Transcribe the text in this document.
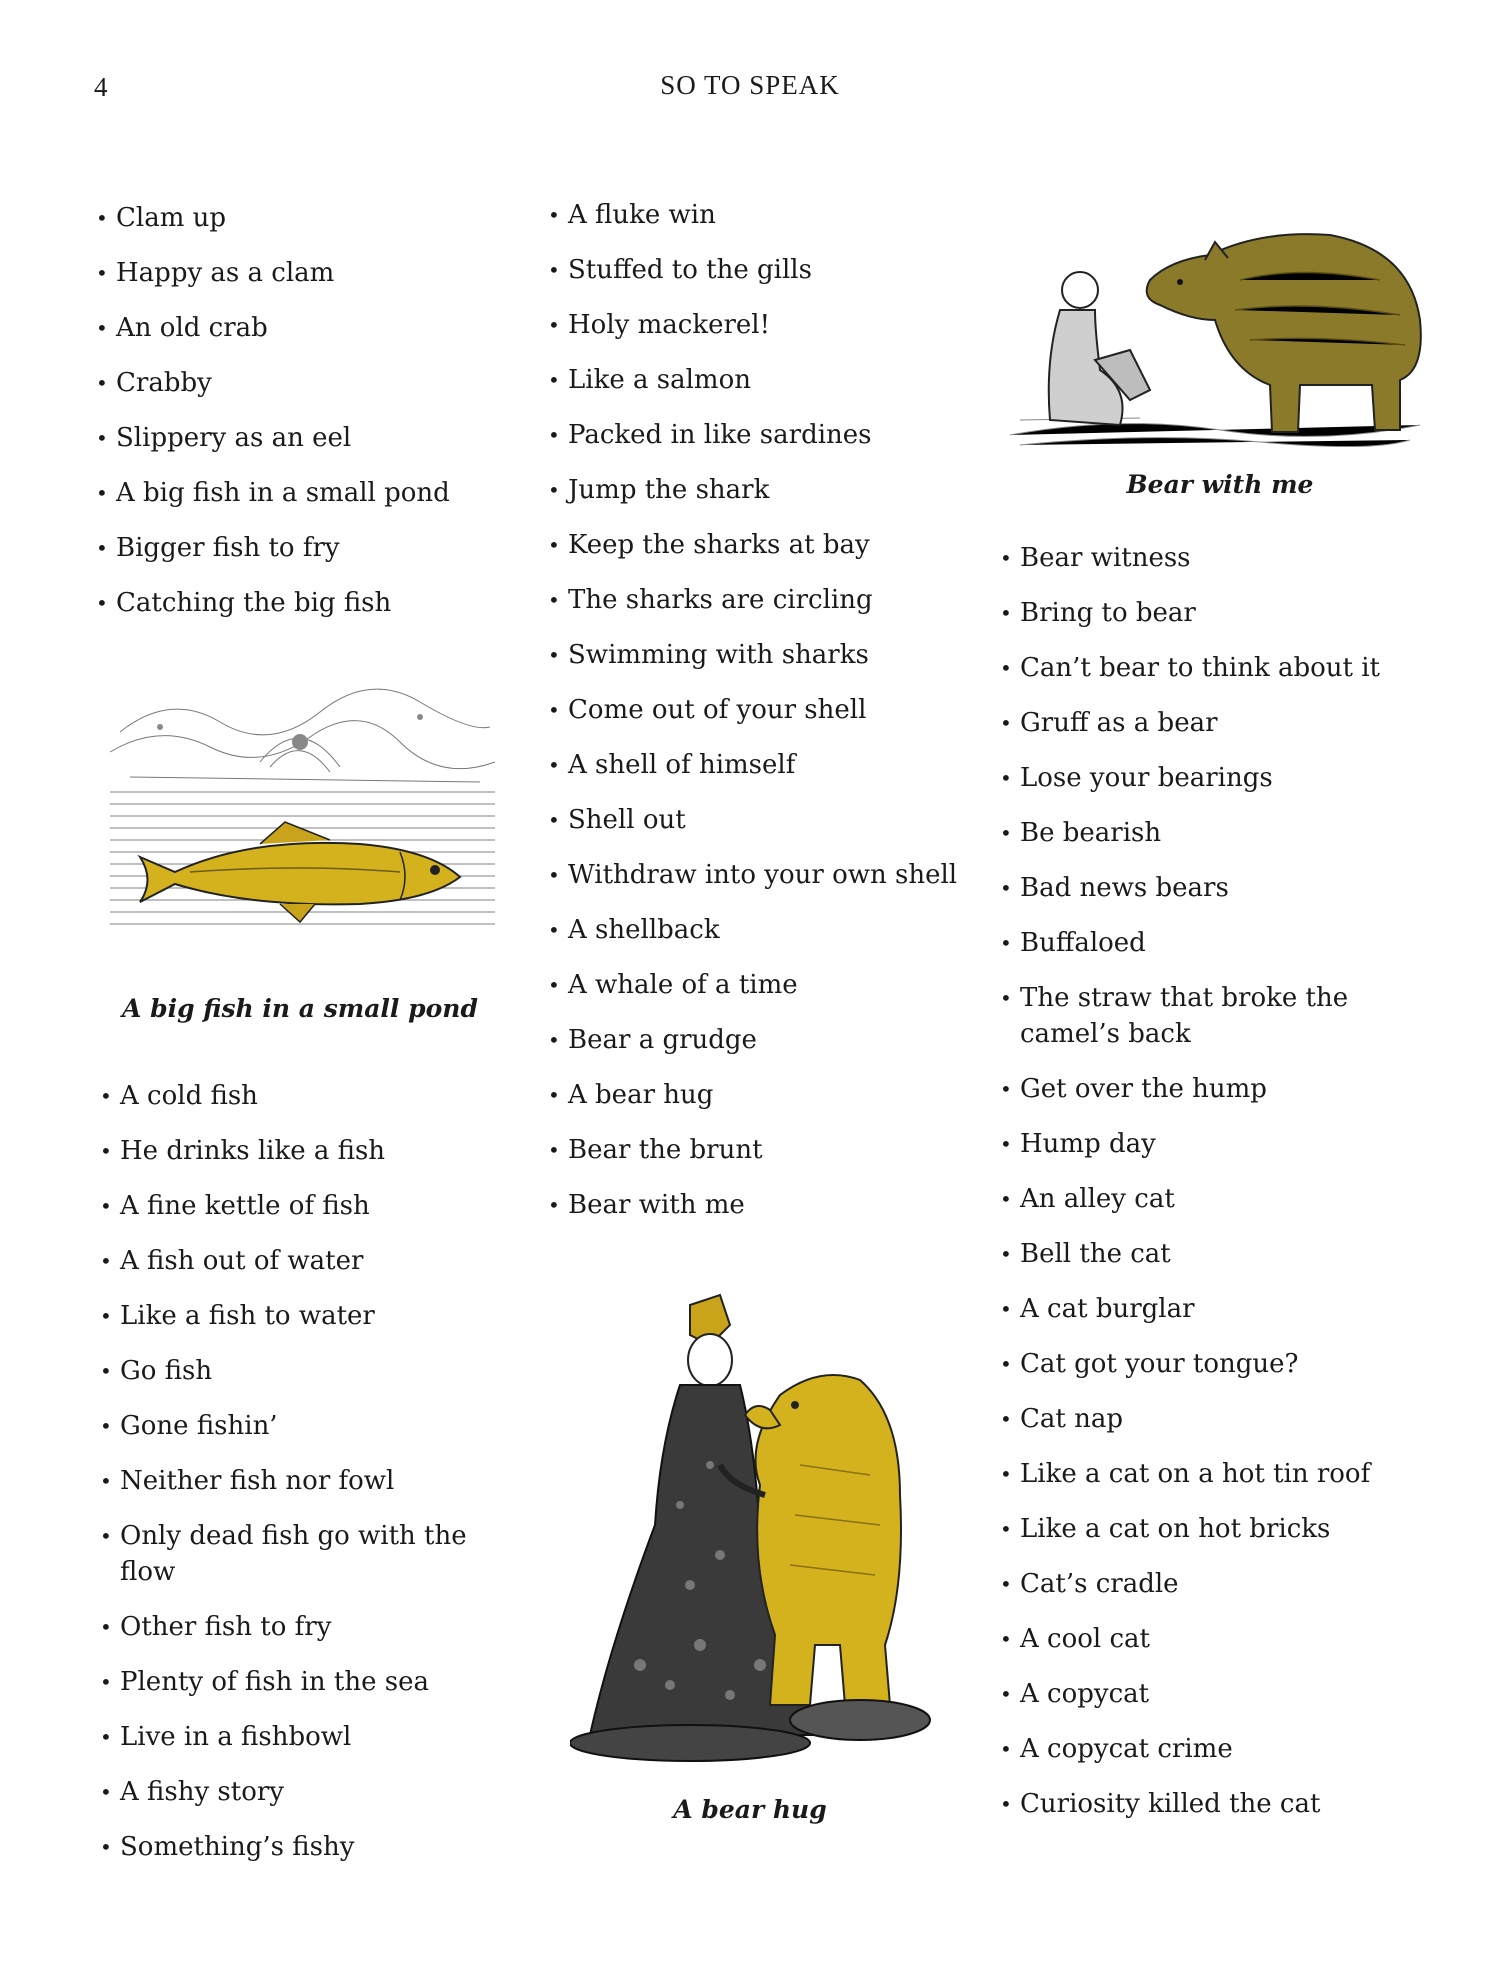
4	SO TO SPEAK
• Clam up
• Happy as a clam
• An old crab
• Crabby
• Slippery as an eel
• A big fish in a small pond
• Bigger fish to fry
• Catching the big fish
A big fish in a small pond
• A cold fish
• He drinks like a fish
• A fine kettle of fish
• A fish out of water
• Like a fish to water
• Go fish
• Gone fishin’
• Neither fish nor fowl
• Only dead fish go with the flow
• Other fish to fry
• Plenty of fish in the sea
• Live in a fishbowl
• A fishy story
• Something’s fishy
• A fluke win
• Stuffed to the gills
• Holy mackerel!
• Like a salmon
• Packed in like sardines
• Jump the shark
• Keep the sharks at bay
• The sharks are circling
• Swimming with sharks
• Come out of your shell
• A shell of himself
• Shell out
• Withdraw into your own shell
• A shellback
• A whale of a time
• Bear a grudge
• A bear hug
• Bear the brunt
• Bear with me
A bear hug
Bear with me
• Bear witness
• Bring to bear
• Can’t bear to think about it
• Gruff as a bear
• Lose your bearings
• Be bearish
• Bad news bears
• Buffaloed
• The straw that broke the camel’s back
• Get over the hump
• Hump day
• An alley cat
• Bell the cat
• A cat burglar
• Cat got your tongue?
• Cat nap
• Like a cat on a hot tin roof
• Like a cat on hot bricks
• Cat’s cradle
• A cool cat
• A copycat
• A copycat crime
• Curiosity killed the cat
